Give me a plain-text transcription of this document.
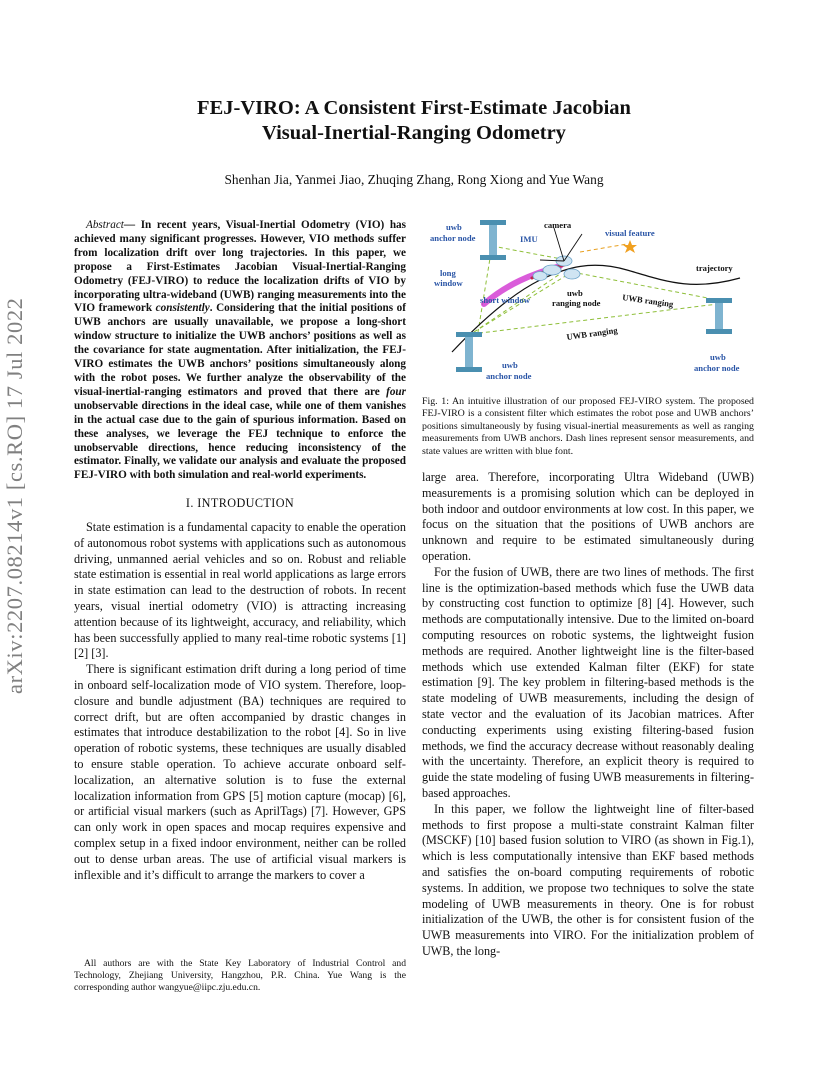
FEJ-VIRO: A Consistent First-Estimate Jacobian
Visual-Inertial-Ranging Odometry
Shenhan Jia, Yanmei Jiao, Zhuqing Zhang, Rong Xiong and Yue Wang
arXiv:2207.08214v1 [cs.RO] 17 Jul 2022

Abstract— In recent years, Visual-Inertial Odometry (VIO) has achieved many significant progresses. However, VIO methods suffer from localization drift over long trajectories. In this paper, we propose a First-Estimates Jacobian Visual-Inertial-Ranging Odometry (FEJ-VIRO) to reduce the localization drifts of VIO by incorporating ultra-wideband (UWB) ranging measurements into the VIO framework consistently. Considering that the initial positions of UWB anchors are usually unavailable, we propose a long-short window structure to initialize the UWB anchors’ positions as well as the covariance for state augmentation. After initialization, the FEJ-VIRO estimates the UWB anchors’ positions simultaneously along with the robot poses. We further analyze the observability of the visual-inertial-ranging estimators and proved that there are four unobservable directions in the ideal case, while one of them vanishes in the actual case due to the gain of spurious information. Based on these analyses, we leverage the FEJ technique to enforce the unobservable directions, hence reducing inconsistency of the estimator. Finally, we validate our analysis and evaluate the proposed FEJ-VIRO with both simulation and real-world experiments.

I. INTRODUCTION

State estimation is a fundamental capacity to enable the operation of autonomous robot systems with applications such as autonomous driving, unmanned aerial vehicles and so on. Robust and reliable state estimation is essential in real world applications as large errors in state estimation can lead to the destruction of robots. In recent years, visual inertial odometry (VIO) is attracting increasing attention because of its lightweight, accuracy, and reliability, which has been successfully applied to many real-time robotic systems [1] [2] [3].

There is significant estimation drift during a long period of time in onboard self-localization mode of VIO system. Therefore, loop-closure and bundle adjustment (BA) techniques are required to correct drift, but are often accompanied by drastic changes in estimates that introduce destabilization to the robot [4]. So in live operation of robotic systems, these techniques are usually disabled to ensure stable operation. To achieve accurate onboard self-localization, an alternative solution is to fuse the external localization information from GPS [5] motion capture (mocap) [6], or artificial visual markers (such as AprilTags) [7]. However, GPS can only work in open spaces and mocap requires expensive and complex setup in a fixed indoor environment, neither can be rolled out to dense urban areas. The use of artificial visual markers is inflexible and it’s difficult to arrange the markers to cover a

All authors are with the State Key Laboratory of Industrial Control and Technology, Zhejiang University, Hangzhou, P.R. China. Yue Wang is the corresponding author wangyue@iipc.zju.edu.cn.
uwb
anchor node
camera
IMU
visual feature
trajectory
long
window
short window
uwb
ranging node UWB ranging
UWB ranging
uwb
anchor node
uwb
anchor node
Fig. 1: An intuitive illustration of our proposed FEJ-VIRO system. The proposed FEJ-VIRO is a consistent filter which estimates the robot pose and UWB anchors’ positions simultaneously by fusing visual-inertial measurements as well as ranging measurements from UWB anchors. Dash lines represent sensor measurements, and state values are written with blue font.

large area. Therefore, incorporating Ultra Wideband (UWB) measurements is a promising solution which can be deployed in both indoor and outdoor environments at low cost. In this paper, we focus on the situation that the positions of UWB anchors are unknown and require to be estimated simultaneously during operation.

For the fusion of UWB, there are two lines of methods. The first line is the optimization-based methods which fuse the UWB data by constructing cost function to optimize [8] [4]. However, such methods are computationally intensive. Due to the limited on-board computing resources on robotic systems, the lightweight fusion methods are required. Another lightweight line is the filter-based methods which use extended Kalman filter (EKF) for state estimation [9]. The key problem in filtering-based methods is the state modeling of UWB measurements, including the design of state vector and the evaluation of its Jacobian matrices. After conducting experiments using existing filtering-based fusion methods, we find the accuracy decrease without reasonably dealing with the uncertainty. Therefore, an explicit theory is required to guide the state modeling of fusing UWB measurements in filtering-based approaches.

In this paper, we follow the lightweight line of filter-based methods to first propose a multi-state constraint Kalman filter (MSCKF) [10] based fusion solution to VIRO (as shown in Fig.1), which is less computationally intensive than EKF based methods and satisfies the on-board computing requirements of robotic systems. In addition, we propose two techniques to solve the state modeling of UWB measurements in theory. One is for robust initialization of the UWB, the other is for consistent fusion of the UWB measurements into VIRO. For the initialization problem of UWB, the long-
